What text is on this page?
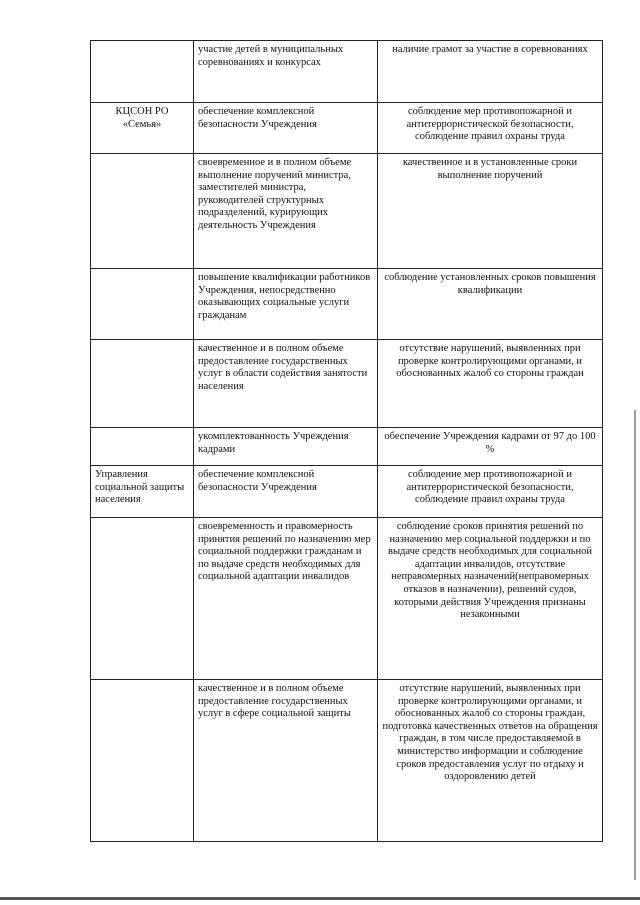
	участие детей в муниципальных соревнованиях и конкурсах	наличие грамот за участие в соревнованиях
КЦСОН РО «Семья»	обеспечение комплексной безопасности Учреждения	соблюдение мер противопожарной и антитеррористической безопасности, соблюдение правил охраны труда
	своевременное и в полном объеме выполнение поручений министра, заместителей министра, руководителей структурных подразделений, курирующих деятельность Учреждения	качественное и в установленные сроки выполнение поручений
	повышение квалификации работников Учреждения, непосредственно оказывающих социальные услуги гражданам	соблюдение установленных сроков повышения квалификации
	качественное и в полном объеме предоставление государственных услуг в области содействия занятости населения	отсутствие нарушений, выявленных при проверке контролирующими органами, и обоснованных жалоб со стороны граждан
	укомплектованность Учреждения кадрами	обеспечение Учреждения кадрами от 97 до 100 %
Управления социальной защиты населения	обеспечение комплексной безопасности Учреждения	соблюдение мер противопожарной и антитеррористической безопасности, соблюдение правил охраны труда
	своевременность и правомерность принятия решений по назначению мер социальной поддержки гражданам и по выдаче средств необходимых для социальной адаптации инвалидов	соблюдение сроков принятия решений по назначению мер социальной поддержки и по выдаче средств необходимых для социальной адаптации инвалидов, отсутствие неправомерных назначений(неправомерных отказов в назначении), решений судов, которыми действия Учреждения признаны незаконными
	качественное и в полном объеме предоставление государственных услуг в сфере социальной защиты	отсутствие нарушений, выявленных при проверке контролирующими органами, и обоснованных жалоб со стороны граждан, подготовка качественных ответов на обращения граждан, в том числе предоставляемой в министерство информации и соблюдение сроков предоставления услуг по отдыху и оздоровлению детей
